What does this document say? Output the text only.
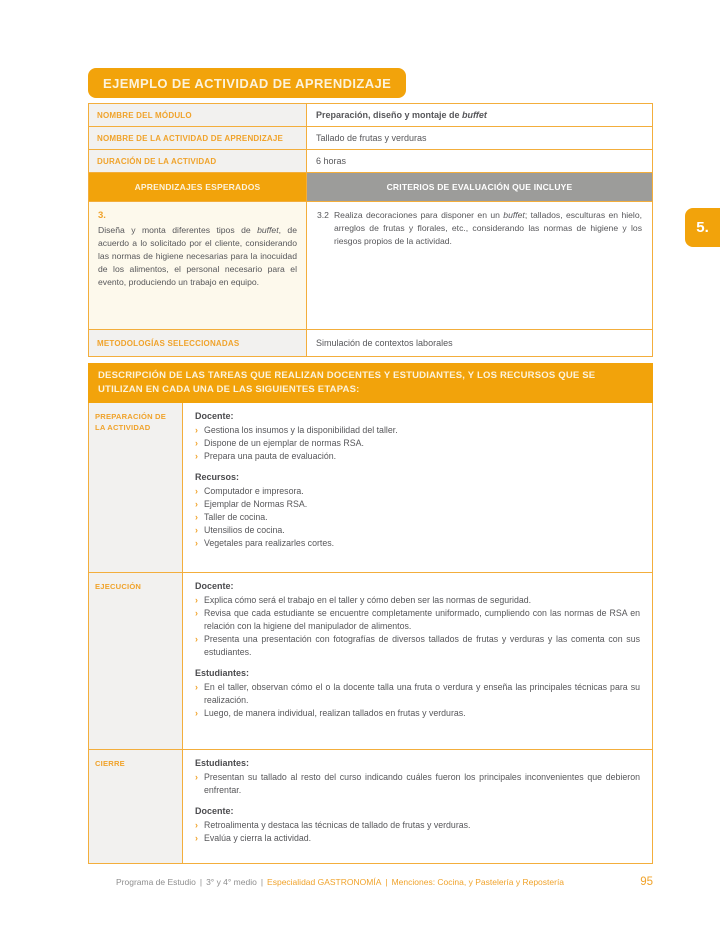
5.
EJEMPLO DE ACTIVIDAD DE APRENDIZAJE
NOMBRE DEL MÓDULO	Preparación, diseño y montaje de buffet
NOMBRE DE LA ACTIVIDAD DE APRENDIZAJE	Tallado de frutas y verduras
DURACIÓN DE LA ACTIVIDAD	6 horas
APRENDIZAJES ESPERADOS	CRITERIOS DE EVALUACIÓN QUE INCLUYE
3.
Diseña y monta diferentes tipos de buffet, de acuerdo a lo solicitado por el cliente, considerando las normas de higiene necesarias para la inocuidad de los alimentos, el personal necesario para el evento, produciendo un trabajo en equipo.
3.2 Realiza decoraciones para disponer en un buffet; tallados, esculturas en hielo, arreglos de frutas y florales, etc., considerando las normas de higiene y los riesgos propios de la actividad.
METODOLOGÍAS SELECCIONADAS	Simulación de contextos laborales
DESCRIPCIÓN DE LAS TAREAS QUE REALIZAN DOCENTES Y ESTUDIANTES, Y LOS RECURSOS QUE SE UTILIZAN EN CADA UNA DE LAS SIGUIENTES ETAPAS:
PREPARACIÓN DE LA ACTIVIDAD
Docente:
› Gestiona los insumos y la disponibilidad del taller.
› Dispone de un ejemplar de normas RSA.
› Prepara una pauta de evaluación.
Recursos:
› Computador e impresora.
› Ejemplar de Normas RSA.
› Taller de cocina.
› Utensilios de cocina.
› Vegetales para realizarles cortes.
EJECUCIÓN	Docente:
› Explica cómo será el trabajo en el taller y cómo deben ser las normas de seguridad.
› Revisa que cada estudiante se encuentre completamente uniformado, cumpliendo con las normas de RSA en relación con la higiene del manipulador de alimentos.
› Presenta una presentación con fotografías de diversos tallados de frutas y verduras y las comenta con sus estudiantes.
Estudiantes:
› En el taller, observan cómo el o la docente talla una fruta o verdura y enseña las principales técnicas para su realización.
› Luego, de manera individual, realizan tallados en frutas y verduras.
CIERRE	Estudiantes:
› Presentan su tallado al resto del curso indicando cuáles fueron los principales inconvenientes que debieron enfrentar.
Docente:
› Retroalimenta y destaca las técnicas de tallado de frutas y verduras.
› Evalúa y cierra la actividad.
Programa de Estudio | 3° y 4° medio | Especialidad GASTRONOMÍA | Menciones: Cocina, y Pastelería y Repostería	95
